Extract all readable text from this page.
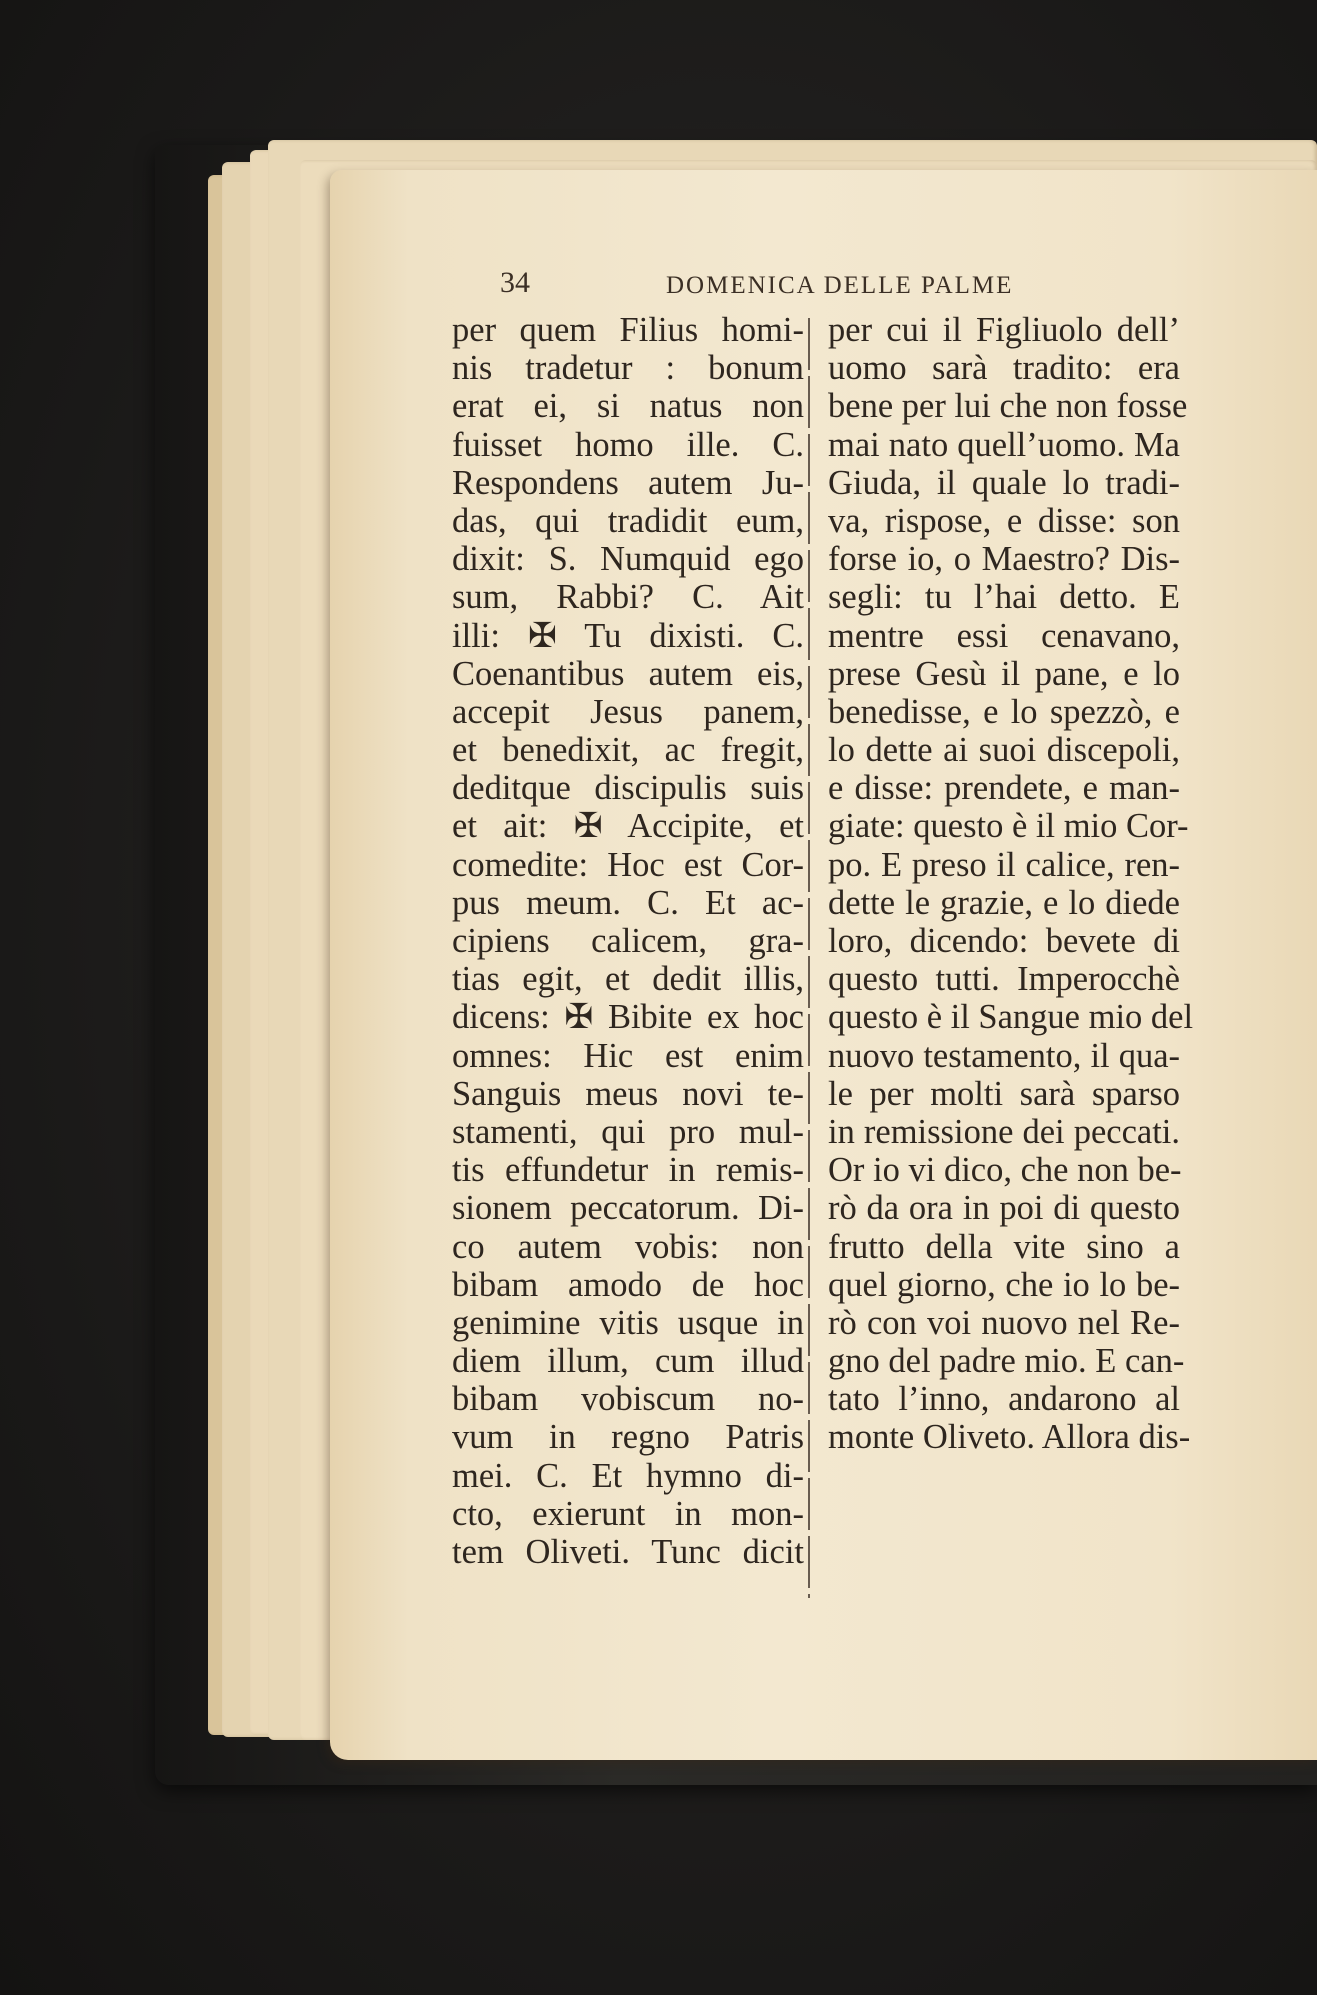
34	DOMENICA DELLE PALME
per quem Filius homi-
nis tradetur : bonum
erat ei, si natus non
fuisset homo ille. C.
Respondens autem Ju-
das, qui tradidit eum,
dixit: S. Numquid ego
sum, Rabbi? C. Ait
illi: ✠ Tu dixisti. C.
Coenantibus autem eis,
accepit Jesus panem,
et benedixit, ac fregit,
deditque discipulis suis
et ait: ✠ Accipite, et
comedite: Hoc est Cor-
pus meum. C. Et ac-
cipiens calicem, gra-
tias egit, et dedit illis,
dicens: ✠ Bibite ex hoc
omnes: Hic est enim
Sanguis meus novi te-
stamenti, qui pro mul-
tis effundetur in remis-
sionem peccatorum. Di-
co autem vobis: non
bibam amodo de hoc
genimine vitis usque in
diem illum, cum illud
bibam vobiscum no-
vum in regno Patris
mei. C. Et hymno di-
cto, exierunt in mon-
tem Oliveti. Tunc dicit
per cui il Figliuolo dell’
uomo sarà tradito: era
bene per lui che non fosse
mai nato quell’uomo. Ma
Giuda, il quale lo tradi-
va, rispose, e disse: son
forse io, o Maestro? Dis-
segli: tu l’hai detto. E
mentre essi cenavano,
prese Gesù il pane, e lo
benedisse, e lo spezzò, e
lo dette ai suoi discepoli,
e disse: prendete, e man-
giate: questo è il mio Cor-
po. E preso il calice, ren-
dette le grazie, e lo diede
loro, dicendo: bevete di
questo tutti. Imperocchè
questo è il Sangue mio del
nuovo testamento, il qua-
le per molti sarà sparso
in remissione dei peccati.
Or io vi dico, che non be-
rò da ora in poi di questo
frutto della vite sino a
quel giorno, che io lo be-
rò con voi nuovo nel Re-
gno del padre mio. E can-
tato l’inno, andarono al
monte Oliveto. Allora dis-
